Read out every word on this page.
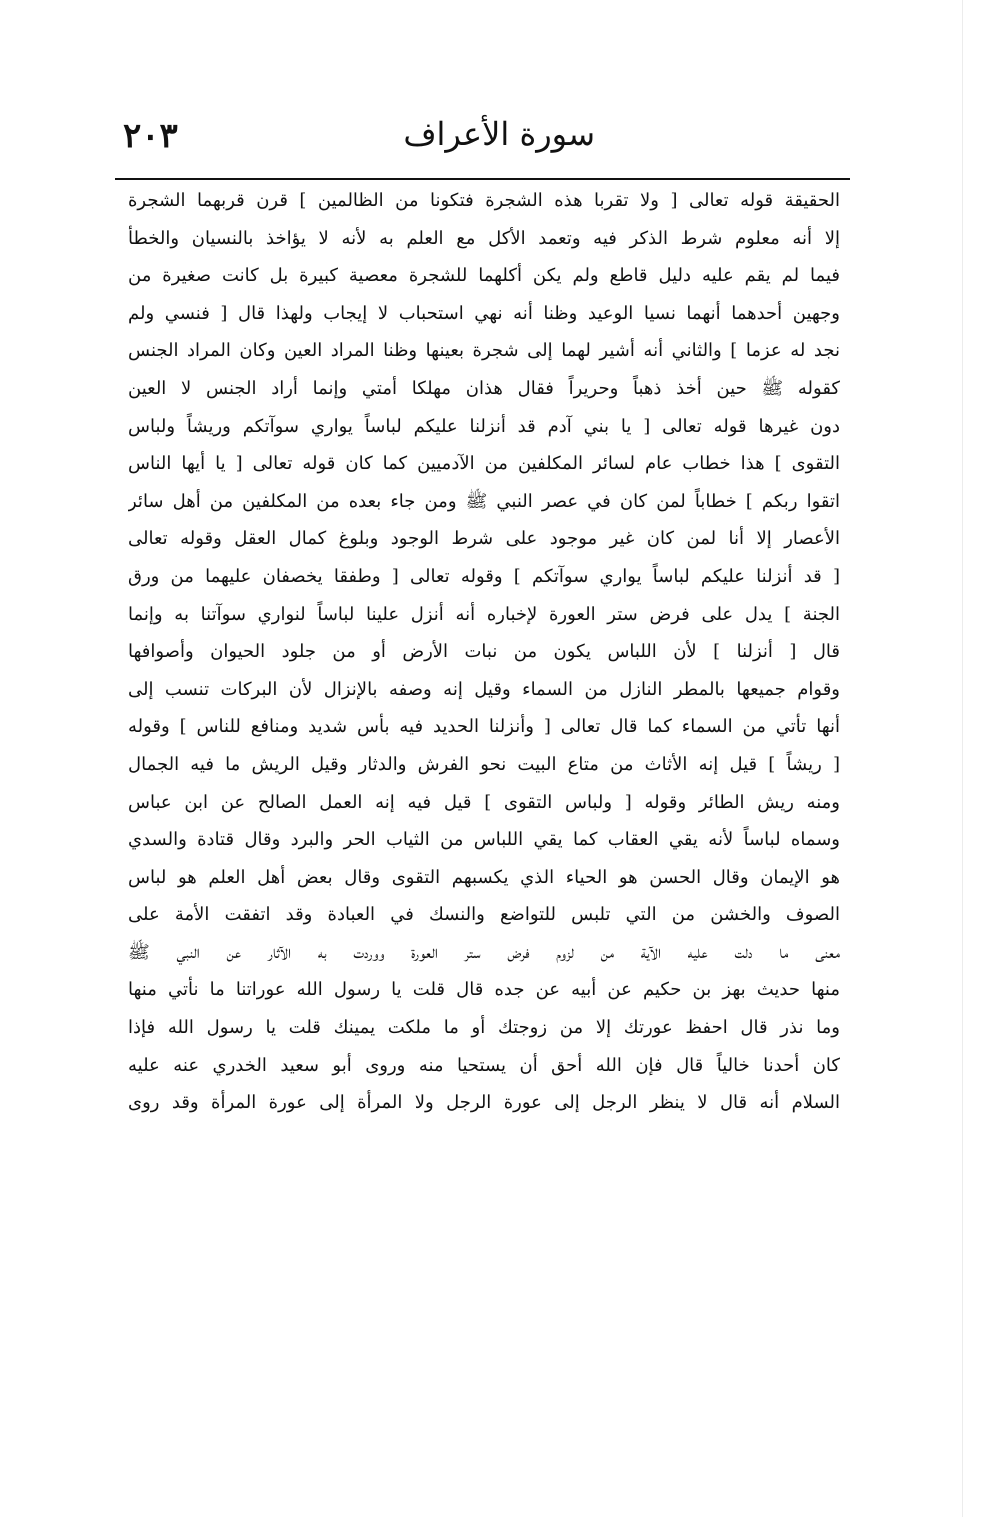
سورة الأعراف
٢٠٣
الحقيقة قوله تعالى [ ولا تقربا هذه الشجرة فتكونا من الظالمين ] قرن قربهما الشجرة
إلا أنه معلوم شرط الذكر فيه وتعمد الأكل مع العلم به لأنه لا يؤاخذ بالنسيان والخطأ
فيما لم يقم عليه دليل قاطع ولم يكن أكلهما للشجرة معصية كبيرة بل كانت صغيرة من
وجهين أحدهما أنهما نسيا الوعيد وظنا أنه نهي استحباب لا إيجاب ولهذا قال [ فنسي ولم
نجد له عزما ] والثاني أنه أشير لهما إلى شجرة بعينها وظنا المراد العين وكان المراد الجنس
كقوله ﷺ حين أخذ ذهباً وحريراً فقال هذان مهلكا أمتي وإنما أراد الجنس لا العين
دون غيرها قوله تعالى [ يا بني آدم قد أنزلنا عليكم لباساً يواري سوآتكم وريشاً ولباس
التقوى ] هذا خطاب عام لسائر المكلفين من الآدميين كما كان قوله تعالى [ يا أيها الناس
اتقوا ربكم ] خطاباً لمن كان في عصر النبي ﷺ ومن جاء بعده من المكلفين من أهل سائر
الأعصار إلا أنا لمن كان غير موجود على شرط الوجود وبلوغ كمال العقل وقوله تعالى
[ قد أنزلنا عليكم لباساً يواري سوآتكم ] وقوله تعالى [ وطفقا يخصفان عليهما من ورق
الجنة ] يدل على فرض ستر العورة لإخباره أنه أنزل علينا لباساً لنواري سوآتنا به وإنما
قال [ أنزلنا ] لأن اللباس يكون من نبات الأرض أو من جلود الحيوان وأصوافها
وقوام جميعها بالمطر النازل من السماء وقيل إنه وصفه بالإنزال لأن البركات تنسب إلى
أنها تأتي من السماء كما قال تعالى [ وأنزلنا الحديد فيه بأس شديد ومنافع للناس ] وقوله
[ ريشاً ] قيل إنه الأثاث من متاع البيت نحو الفرش والدثار وقيل الريش ما فيه الجمال
ومنه ريش الطائر وقوله [ ولباس التقوى ] قيل فيه إنه العمل الصالح عن ابن عباس
وسماه لباساً لأنه يقي العقاب كما يقي اللباس من الثياب الحر والبرد وقال قتادة والسدي
هو الإيمان وقال الحسن هو الحياء الذي يكسبهم التقوى وقال بعض أهل العلم هو لباس
الصوف والخشن من التي تلبس للتواضع والنسك في العبادة وقد اتفقت الأمة على
معنى ما دلت عليه الآية من لزوم فرض ستر العورة ووردت به الآثار عن النبي ﷺ
منها حديث بهز بن حكيم عن أبيه عن جده قال قلت يا رسول الله عوراتنا ما نأتي منها
وما نذر قال احفظ عورتك إلا من زوجتك أو ما ملكت يمينك قلت يا رسول الله فإذا
كان أحدنا خالياً قال فإن الله أحق أن يستحيا منه وروى أبو سعيد الخدري عنه عليه
السلام أنه قال لا ينظر الرجل إلى عورة الرجل ولا المرأة إلى عورة المرأة وقد روى
